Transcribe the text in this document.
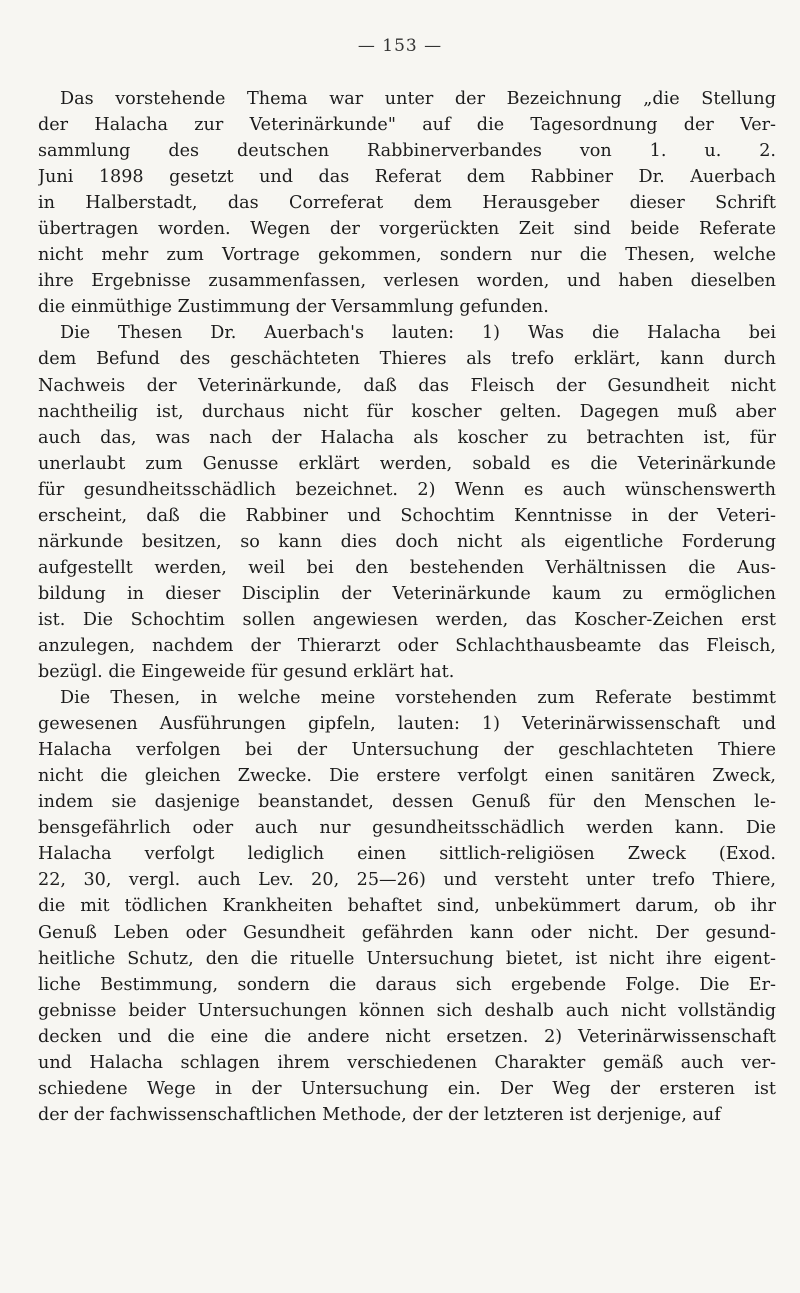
— 153 —
Das vorstehende Thema war unter der Bezeichnung „die Stellung
der Halacha zur Veterinärkunde" auf die Tagesordnung der Ver-
sammlung des deutschen Rabbinerverbandes von 1. u. 2.
Juni 1898 gesetzt und das Referat dem Rabbiner Dr. Auerbach
in Halberstadt, das Correferat dem Herausgeber dieser Schrift
übertragen worden. Wegen der vorgerückten Zeit sind beide Referate
nicht mehr zum Vortrage gekommen, sondern nur die Thesen, welche
ihre Ergebnisse zusammenfassen, verlesen worden, und haben dieselben
die einmüthige Zustimmung der Versammlung gefunden.
Die Thesen Dr. Auerbach's lauten: 1) Was die Halacha bei
dem Befund des geschächteten Thieres als trefo erklärt, kann durch
Nachweis der Veterinärkunde, daß das Fleisch der Gesundheit nicht
nachtheilig ist, durchaus nicht für koscher gelten. Dagegen muß aber
auch das, was nach der Halacha als koscher zu betrachten ist, für
unerlaubt zum Genusse erklärt werden, sobald es die Veterinärkunde
für gesundheitsschädlich bezeichnet. 2) Wenn es auch wünschenswerth
erscheint, daß die Rabbiner und Schochtim Kenntnisse in der Veteri-
närkunde besitzen, so kann dies doch nicht als eigentliche Forderung
aufgestellt werden, weil bei den bestehenden Verhältnissen die Aus-
bildung in dieser Disciplin der Veterinärkunde kaum zu ermöglichen
ist. Die Schochtim sollen angewiesen werden, das Koscher-Zeichen erst
anzulegen, nachdem der Thierarzt oder Schlachthausbeamte das Fleisch,
bezügl. die Eingeweide für gesund erklärt hat.
Die Thesen, in welche meine vorstehenden zum Referate bestimmt
gewesenen Ausführungen gipfeln, lauten: 1) Veterinärwissenschaft und
Halacha verfolgen bei der Untersuchung der geschlachteten Thiere
nicht die gleichen Zwecke. Die erstere verfolgt einen sanitären Zweck,
indem sie dasjenige beanstandet, dessen Genuß für den Menschen le-
bensgefährlich oder auch nur gesundheitsschädlich werden kann. Die
Halacha verfolgt lediglich einen sittlich-religiösen Zweck (Exod.
22, 30, vergl. auch Lev. 20, 25—26) und versteht unter trefo Thiere,
die mit tödlichen Krankheiten behaftet sind, unbekümmert darum, ob ihr
Genuß Leben oder Gesundheit gefährden kann oder nicht. Der gesund-
heitliche Schutz, den die rituelle Untersuchung bietet, ist nicht ihre eigent-
liche Bestimmung, sondern die daraus sich ergebende Folge. Die Er-
gebnisse beider Untersuchungen können sich deshalb auch nicht vollständig
decken und die eine die andere nicht ersetzen. 2) Veterinärwissenschaft
und Halacha schlagen ihrem verschiedenen Charakter gemäß auch ver-
schiedene Wege in der Untersuchung ein. Der Weg der ersteren ist
der der fachwissenschaftlichen Methode, der der letzteren ist derjenige, auf
